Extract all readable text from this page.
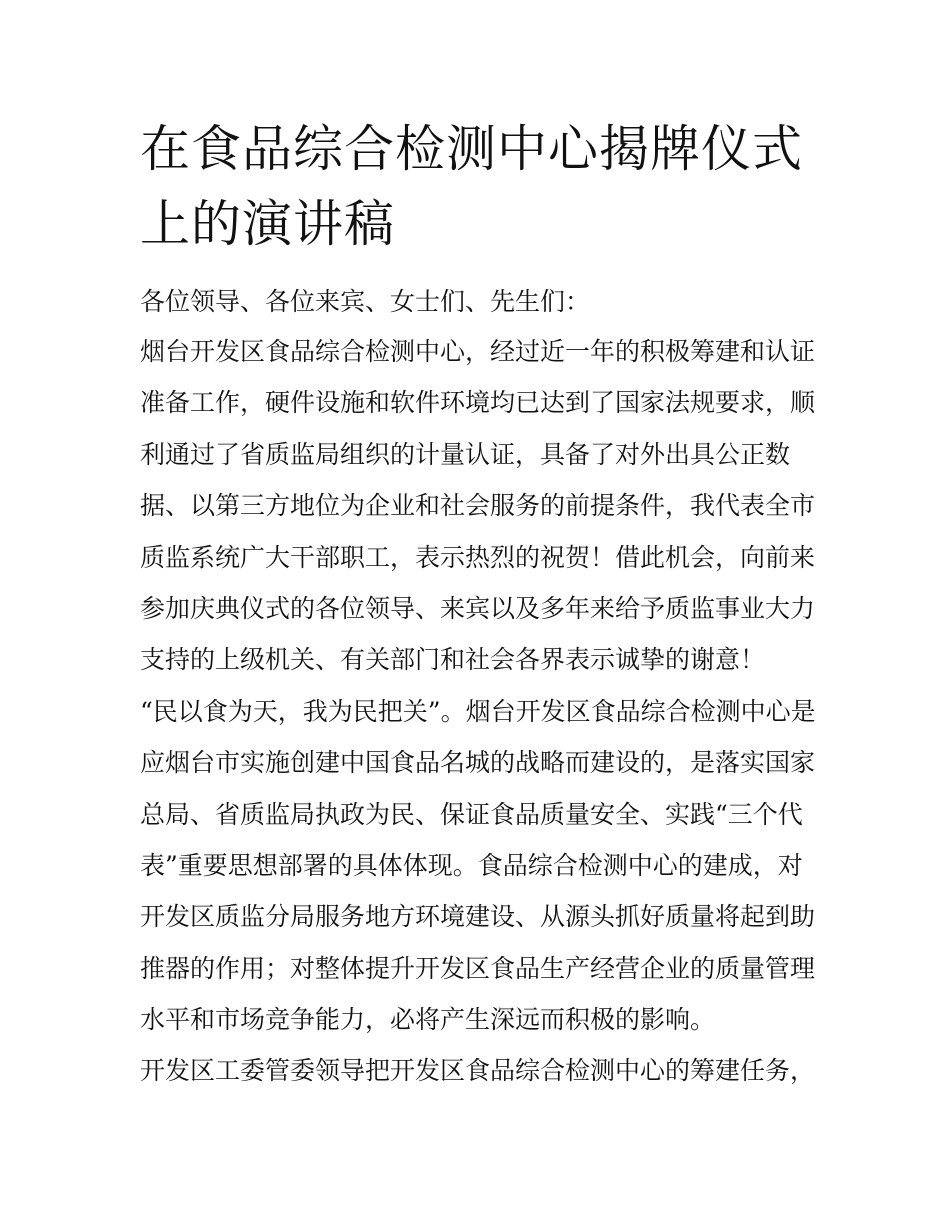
在食品综合检测中心揭牌仪式
上的演讲稿
各位领导、各位来宾、女士们、先生们：
烟台开发区食品综合检测中心，经过近一年的积极筹建和认证
准备工作，硬件设施和软件环境均已达到了国家法规要求，顺
利通过了省质监局组织的计量认证，具备了对外出具公正数
据、以第三方地位为企业和社会服务的前提条件，我代表全市
质监系统广大干部职工，表示热烈的祝贺！借此机会，向前来
参加庆典仪式的各位领导、来宾以及多年来给予质监事业大力
支持的上级机关、有关部门和社会各界表示诚挚的谢意！
“民以食为天，我为民把关”。烟台开发区食品综合检测中心是
应烟台市实施创建中国食品名城的战略而建设的，是落实国家
总局、省质监局执政为民、保证食品质量安全、实践“三个代
表”重要思想部署的具体体现。食品综合检测中心的建成，对
开发区质监分局服务地方环境建设、从源头抓好质量将起到助
推器的作用；对整体提升开发区食品生产经营企业的质量管理
水平和市场竞争能力，必将产生深远而积极的影响。
开发区工委管委领导把开发区食品综合检测中心的筹建任务，
